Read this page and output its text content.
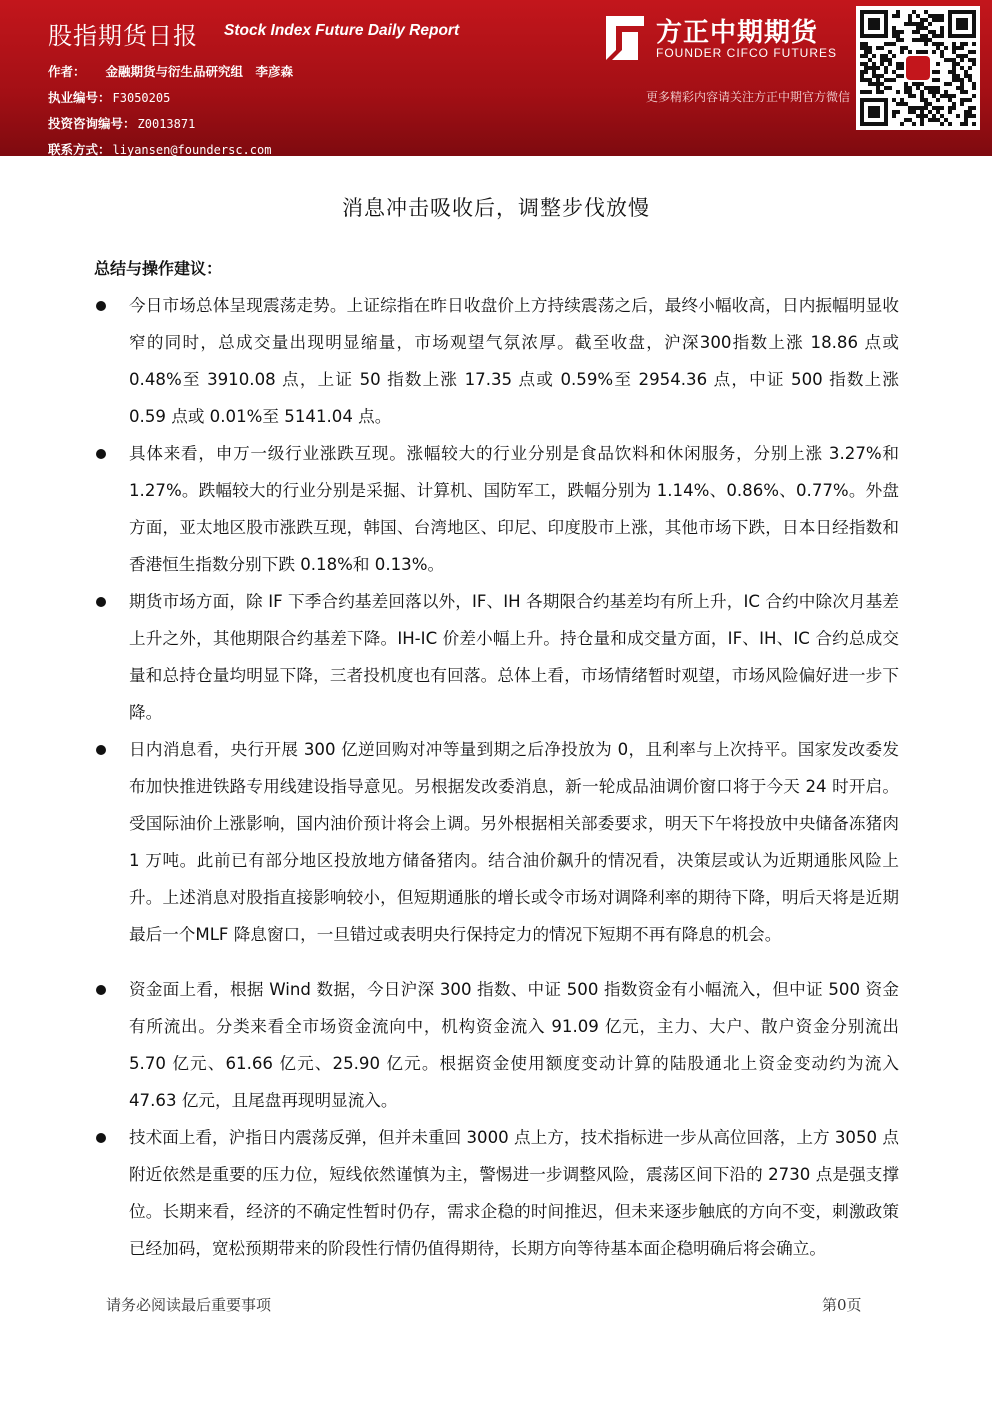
股指期货日报 Stock Index Future Daily Report
作者： 金融期货与衍生品研究组　李彦森
执业编号： F3050205
投资咨询编号： Z0013871
联系方式： liyansen@foundersc.com
方正中期期货
FOUNDER CIFCO FUTURES
更多精彩内容请关注方正中期官方微信
消息冲击吸收后，调整步伐放慢
总结与操作建议：
今日市场总体呈现震荡走势。上证综指在昨日收盘价上方持续震荡之后，最终小幅收高，日内振幅明显收窄的同时，总成交量出现明显缩量，市场观望气氛浓厚。截至收盘，沪深300指数上涨 18.86 点或 0.48%至 3910.08 点，上证 50 指数上涨 17.35 点或 0.59%至 2954.36 点，中证 500 指数上涨 0.59 点或 0.01%至 5141.04 点。
具体来看，申万一级行业涨跌互现。涨幅较大的行业分别是食品饮料和休闲服务，分别上涨 3.27%和 1.27%。跌幅较大的行业分别是采掘、计算机、国防军工，跌幅分别为 1.14%、0.86%、0.77%。外盘方面，亚太地区股市涨跌互现，韩国、台湾地区、印尼、印度股市上涨，其他市场下跌，日本日经指数和香港恒生指数分别下跌 0.18%和 0.13%。
期货市场方面，除 IF 下季合约基差回落以外，IF、IH 各期限合约基差均有所上升，IC 合约中除次月基差上升之外，其他期限合约基差下降。IH-IC 价差小幅上升。持仓量和成交量方面，IF、IH、IC 合约总成交量和总持仓量均明显下降，三者投机度也有回落。总体上看，市场情绪暂时观望，市场风险偏好进一步下降。
日内消息看，央行开展 300 亿逆回购对冲等量到期之后净投放为 0，且利率与上次持平。国家发改委发布加快推进铁路专用线建设指导意见。另根据发改委消息，新一轮成品油调价窗口将于今天 24 时开启。受国际油价上涨影响，国内油价预计将会上调。另外根据相关部委要求，明天下午将投放中央储备冻猪肉 1 万吨。此前已有部分地区投放地方储备猪肉。结合油价飙升的情况看，决策层或认为近期通胀风险上升。上述消息对股指直接影响较小，但短期通胀的增长或令市场对调降利率的期待下降，明后天将是近期最后一个MLF 降息窗口，一旦错过或表明央行保持定力的情况下短期不再有降息的机会。
资金面上看，根据 Wind 数据，今日沪深 300 指数、中证 500 指数资金有小幅流入，但中证 500 资金有所流出。分类来看全市场资金流向中，机构资金流入 91.09 亿元，主力、大户、散户资金分别流出 5.70 亿元、61.66 亿元、25.90 亿元。根据资金使用额度变动计算的陆股通北上资金变动约为流入 47.63 亿元，且尾盘再现明显流入。
技术面上看，沪指日内震荡反弹，但并未重回 3000 点上方，技术指标进一步从高位回落，上方 3050 点附近依然是重要的压力位，短线依然谨慎为主，警惕进一步调整风险，震荡区间下沿的 2730 点是强支撑位。长期来看，经济的不确定性暂时仍存，需求企稳的时间推迟，但未来逐步触底的方向不变，刺激政策已经加码，宽松预期带来的阶段性行情仍值得期待，长期方向等待基本面企稳明确后将会确立。
请务必阅读最后重要事项	第0页
